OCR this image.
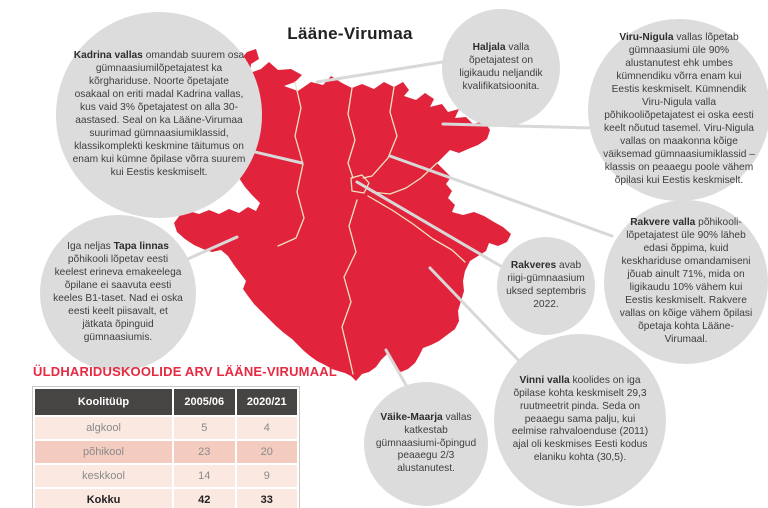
Lääne-Virumaa

Kadrina vallas omandab suurem osa gümnaasiumilõpetajatest ka kõrghariduse. Noorte õpetajate osakaal on eriti madal Kadrina vallas, kus vaid 3% õpetajatest on alla 30-aastased. Seal on ka Lääne-Virumaa suurimad gümnaasiumiklassid, klassikomplekti keskmine täitumus on enam kui kümne õpilase võrra suurem kui Eestis keskmiselt.

Haljala valla õpetajatest on ligikaudu neljandik kvalifikatsioonita.

Viru-Nigula vallas lõpetab gümnaasiumi üle 90% alustanutest ehk umbes kümnendiku võrra enam kui Eestis keskmiselt. Kümnendik Viru-Nigula valla põhikooliõpetajatest ei oska eesti keelt nõutud tasemel. Viru-Nigula vallas on maakonna kõige väiksemad gümnaasiumiklassid – klassis on peaaegu poole vähem õpilasi kui Eestis keskmiselt.

Iga neljas Tapa linnas põhikooli lõpetav eesti keelest erineva emakeelega õpilane ei saavuta eesti keeles B1-taset. Nad ei oska eesti keelt piisavalt, et jätkata õpinguid gümnaasiumis.

Rakveres avab riigi-gümnaasium uksed septembris 2022.

Rakvere valla põhikooli-lõpetajatest üle 90% läheb edasi õppima, kuid keskhariduse omandamiseni jõuab ainult 71%, mida on ligikaudu 10% vähem kui Eestis keskmiselt. Rakvere vallas on kõige vähem õpilasi õpetaja kohta Lääne-Virumaal.

Vinni valla koolides on iga õpilase kohta keskmiselt 29,3 ruutmeetrit pinda. Seda on peaaegu sama palju, kui eelmise rahvaloenduse (2011) ajal oli keskmises Eesti kodus elaniku kohta (30,5).

Väike-Maarja vallas katkestab gümnaasiumi-õpingud peaaegu 2/3 alustanutest.

ÜLDHARIDUSKOOLIDE ARV LÄÄNE-VIRUMAAL

Koolitüüp	2005/06	2020/21
algkool	5	4
põhikool	23	20
keskkool	14	9
Kokku	42	33
